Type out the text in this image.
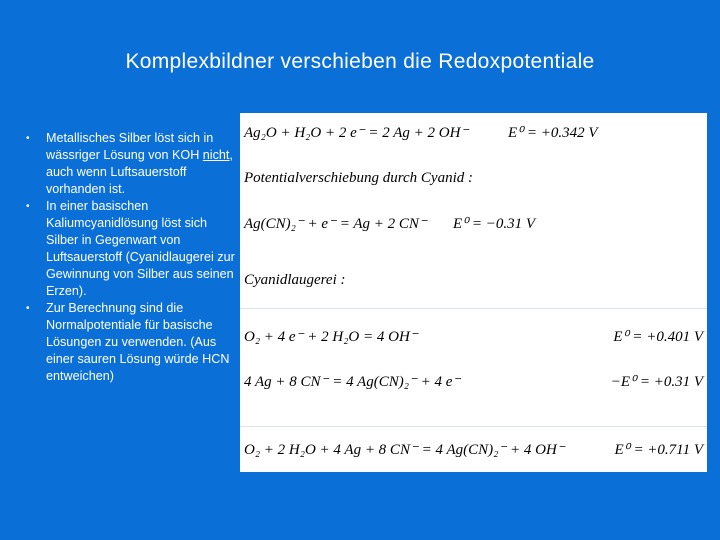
Komplexbildner verschieben die Redoxpotentiale
•	Metallisches Silber löst sich in wässriger Lösung von KOH nicht, auch wenn Luftsauerstoff vorhanden ist.
•	In einer basischen Kaliumcyanidlösung löst sich Silber in Gegenwart von Luftsauerstoff (Cyanidlaugerei zur Gewinnung von Silber aus seinen Erzen).
•	Zur Berechnung sind die Normalpotentiale für basische Lösungen zu verwenden. (Aus einer sauren Lösung würde HCN entweichen)
Ag₂O + H₂O + 2 e⁻ = 2 Ag + 2 OH⁻	E⁰ = +0.342 V
Potentialverschiebung durch Cyanid :
Ag(CN)₂⁻ + e⁻ = Ag + 2 CN⁻ E⁰ = −0.31 V
Cyanidlaugerei :
O₂ + 4 e⁻ + 2 H₂O = 4 OH⁻	E⁰ = +0.401 V
4 Ag + 8 CN⁻ = 4 Ag(CN)₂⁻ + 4 e⁻	−E⁰ = +0.31 V
O₂ + 2 H₂O + 4 Ag + 8 CN⁻ = 4 Ag(CN)₂⁻ + 4 OH⁻	E⁰ = +0.711 V
